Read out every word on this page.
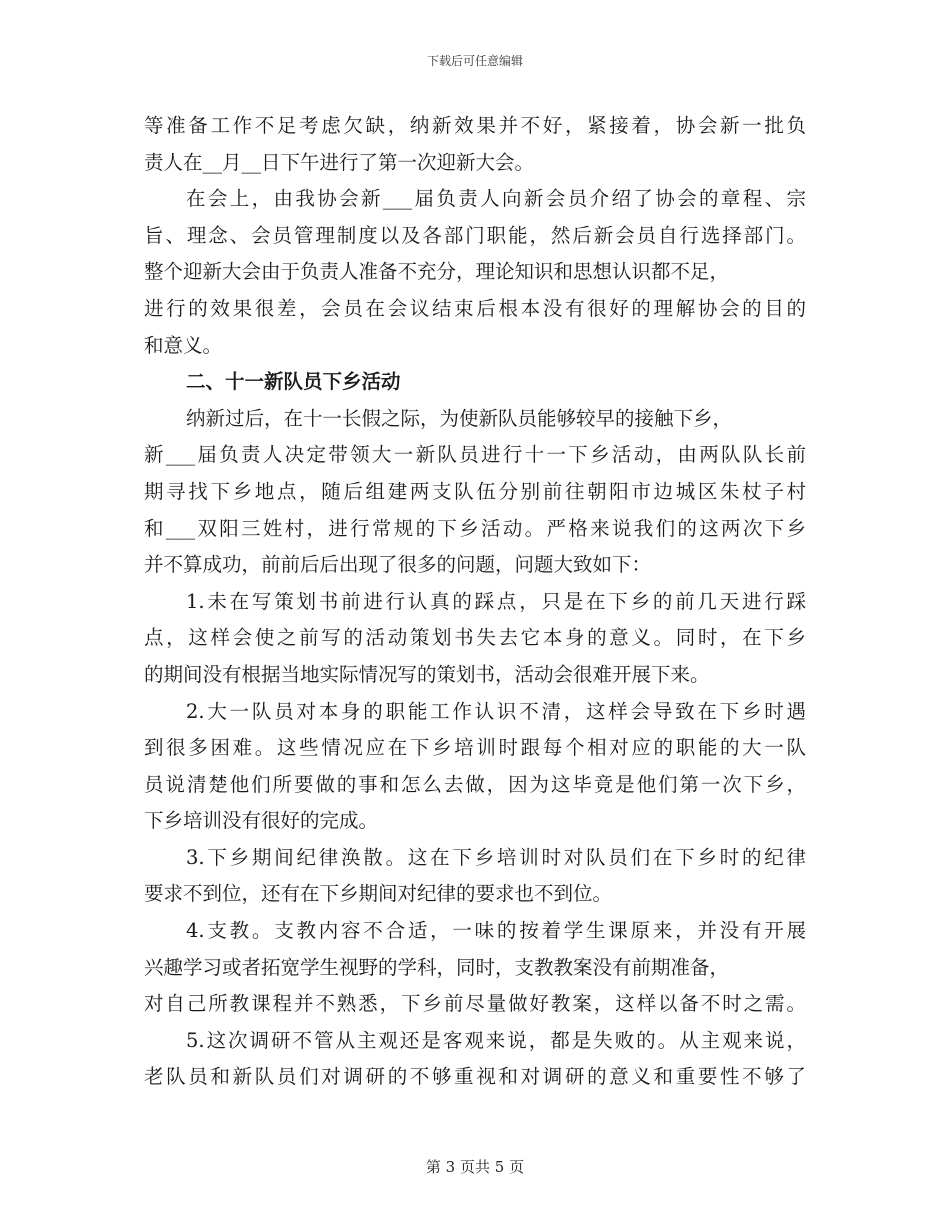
下载后可任意编辑
等准备工作不足考虑欠缺，纳新效果并不好，紧接着，协会新一批负
责人在__月__日下午进行了第一次迎新大会。
在会上，由我协会新___届负责人向新会员介绍了协会的章程、宗
旨、理念、会员管理制度以及各部门职能，然后新会员自行选择部门。
整个迎新大会由于负责人准备不充分，理论知识和思想认识都不足，
进行的效果很差，会员在会议结束后根本没有很好的理解协会的目的
和意义。
二、十一新队员下乡活动
纳新过后，在十一长假之际，为使新队员能够较早的接触下乡，
新___届负责人决定带领大一新队员进行十一下乡活动，由两队队长前
期寻找下乡地点，随后组建两支队伍分别前往朝阳市边城区朱杖子村
和___双阳三姓村，进行常规的下乡活动。严格来说我们的这两次下乡
并不算成功，前前后后出现了很多的问题，问题大致如下：
1.未在写策划书前进行认真的踩点，只是在下乡的前几天进行踩
点，这样会使之前写的活动策划书失去它本身的意义。同时，在下乡
的期间没有根据当地实际情况写的策划书，活动会很难开展下来。
2.大一队员对本身的职能工作认识不清，这样会导致在下乡时遇
到很多困难。这些情况应在下乡培训时跟每个相对应的职能的大一队
员说清楚他们所要做的事和怎么去做，因为这毕竟是他们第一次下乡，
下乡培训没有很好的完成。
3.下乡期间纪律涣散。这在下乡培训时对队员们在下乡时的纪律
要求不到位，还有在下乡期间对纪律的要求也不到位。
4.支教。支教内容不合适，一味的按着学生课原来，并没有开展
兴趣学习或者拓宽学生视野的学科，同时，支教教案没有前期准备，
对自己所教课程并不熟悉，下乡前尽量做好教案，这样以备不时之需。
5.这次调研不管从主观还是客观来说，都是失败的。从主观来说，
老队员和新队员们对调研的不够重视和对调研的意义和重要性不够了
第 3 页共 5 页
